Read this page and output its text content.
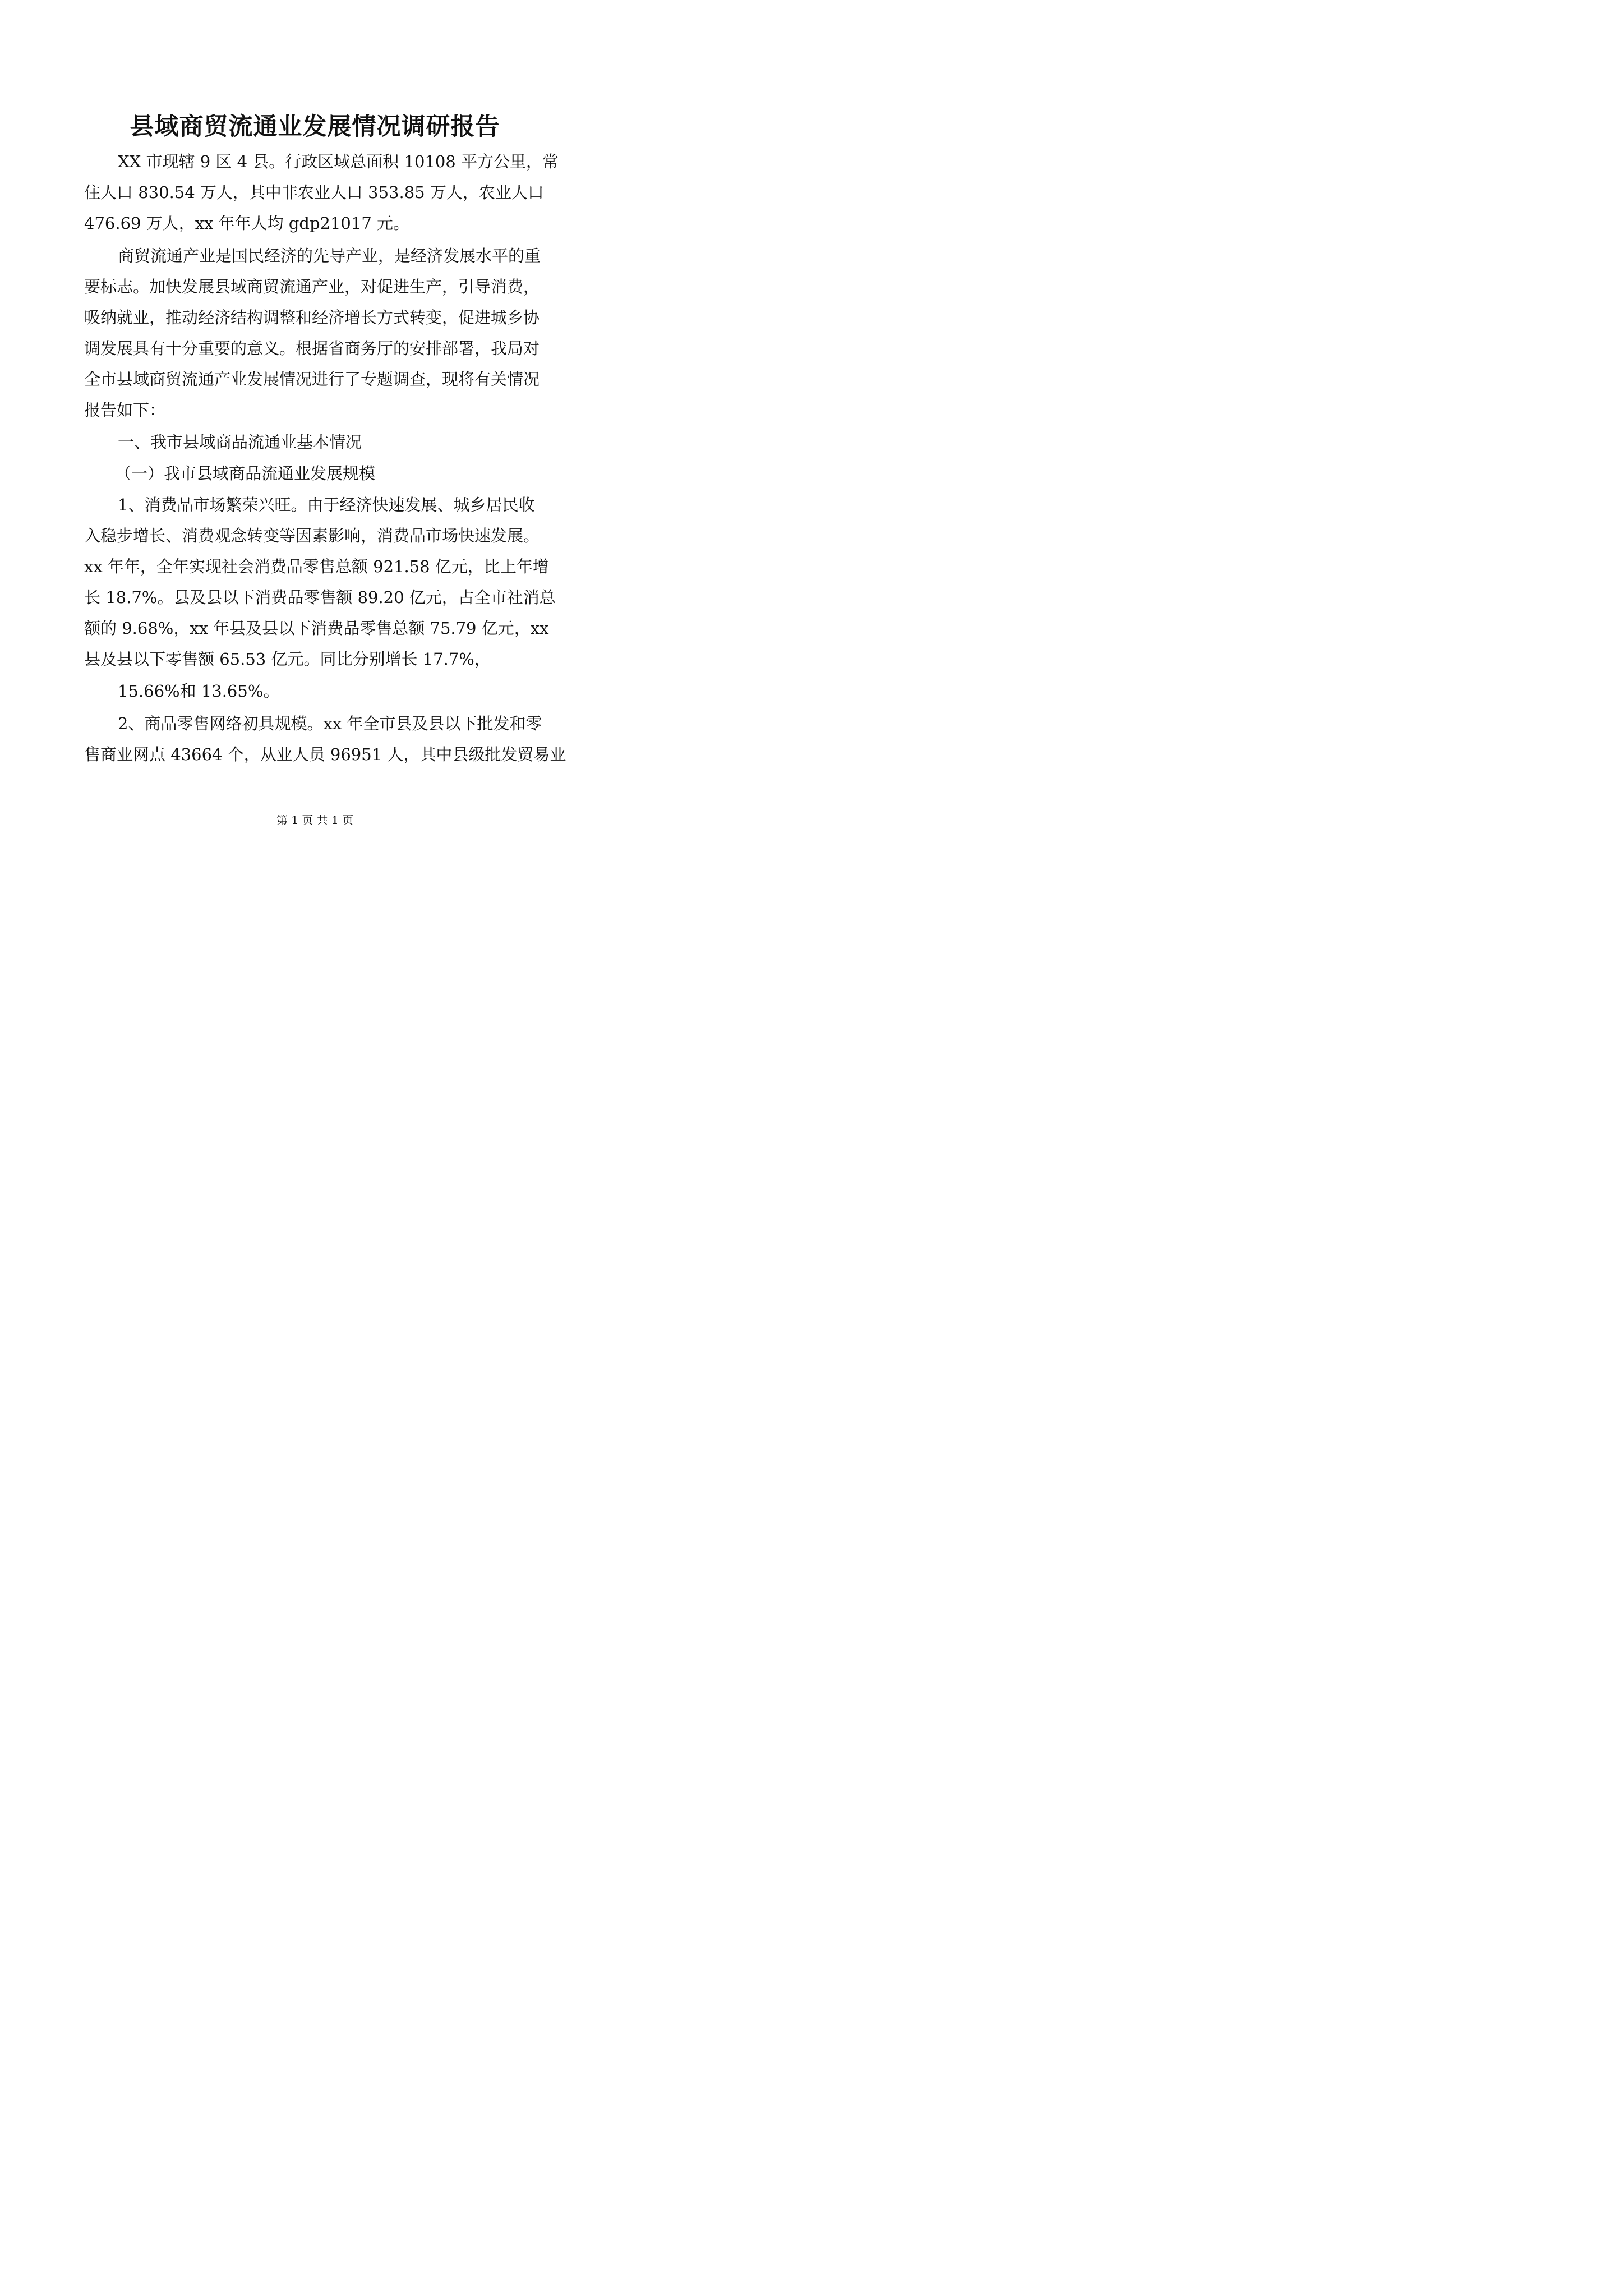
县域商贸流通业发展情况调研报告

XX 市现辖 9 区 4 县。行政区域总面积 10108 平方公里，常

住人口 830.54 万人，其中非农业人口 353.85 万人，农业人口

476.69 万人，xx 年年人均 gdp21017 元。

商贸流通产业是国民经济的先导产业，是经济发展水平的重

要标志。加快发展县域商贸流通产业，对促进生产，引导消费，

吸纳就业，推动经济结构调整和经济增长方式转变，促进城乡协

调发展具有十分重要的意义。根据省商务厅的安排部署，我局对

全市县域商贸流通产业发展情况进行了专题调查，现将有关情况

报告如下：

一、我市县域商品流通业基本情况

（一）我市县域商品流通业发展规模

1、消费品市场繁荣兴旺。由于经济快速发展、城乡居民收

入稳步增长、消费观念转变等因素影响，消费品市场快速发展。

xx 年年，全年实现社会消费品零售总额 921.58 亿元，比上年增

长 18.7%。县及县以下消费品零售额 89.20 亿元，占全市社消总

额的 9.68%，xx 年县及县以下消费品零售总额 75.79 亿元，xx

县及县以下零售额 65.53 亿元。同比分别增长 17.7%，

15.66%和 13.65%。

2、商品零售网络初具规模。xx 年全市县及县以下批发和零

售商业网点 43664 个，从业人员 96951 人，其中县级批发贸易业

第 1 页 共 1 页
